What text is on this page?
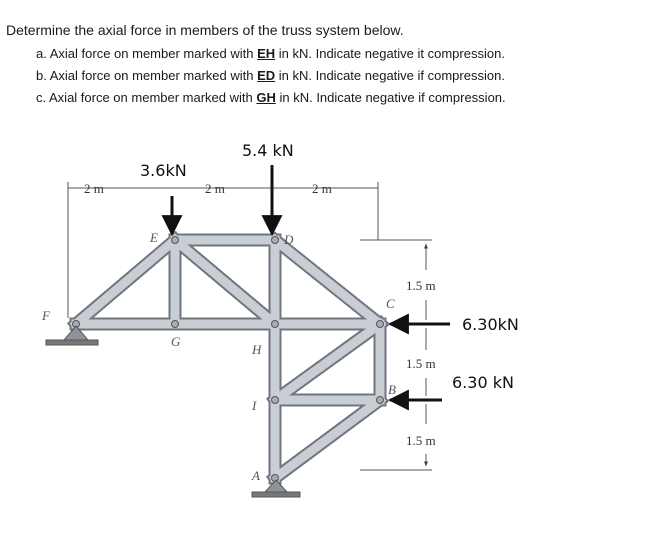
Determine the axial force in members of the truss system below.
a. Axial force on member marked with EH in kN. Indicate negative it compression.
b. Axial force on member marked with ED in kN. Indicate negative if compression.
c. Axial force on member marked with GH in kN. Indicate negative if compression.
2 m	2 m	2 m
1.5 m
1.5 m
1.5 m
3.6kN
5.4 kN
6.30kN
6.30 kN
F
E	D
G
H
C
I
B
A
